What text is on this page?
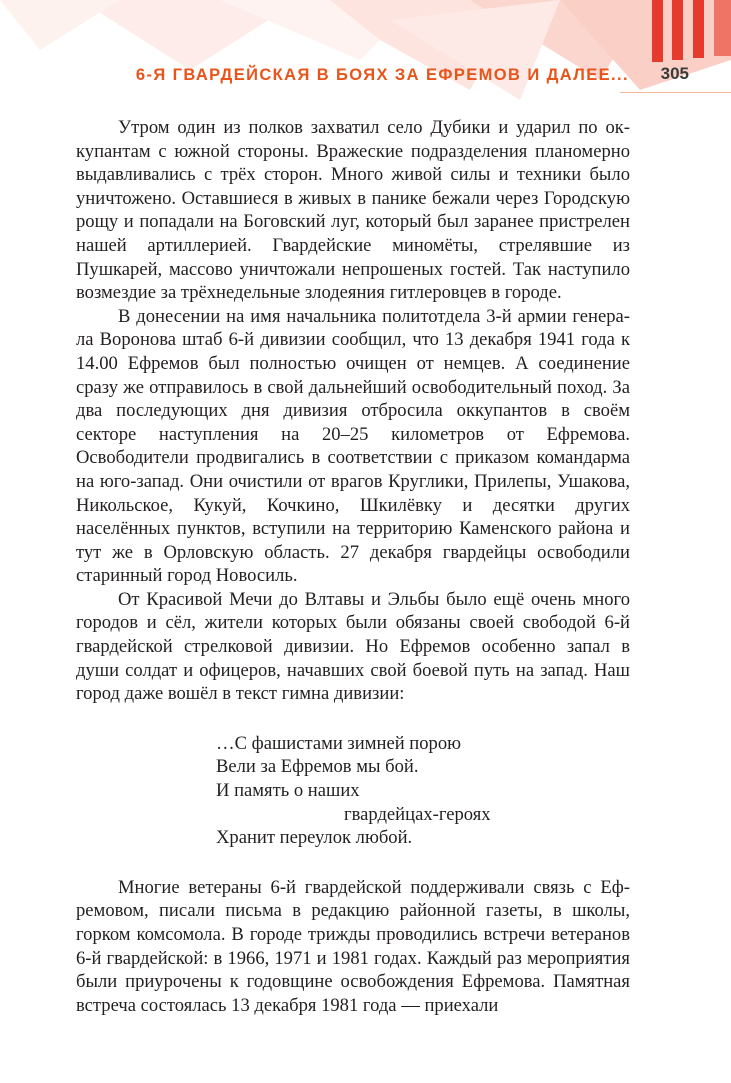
6-Я ГВАРДЕЙСКАЯ В БОЯХ ЗА ЕФРЕМОВ И ДАЛЕЕ... 305

Утром один из полков захватил село Дубики и ударил по оккупантам с южной стороны. Вражеские подразделения планомерно выдавливались с трёх сторон. Много живой силы и техники было уничтожено. Оставшиеся в живых в панике бежали через Городскую рощу и попадали на Боговский луг, который был заранее пристрелен нашей артиллерией. Гвардейские миномёты, стрелявшие из Пушкарей, массово уничтожали непрошеных гостей. Так наступило возмездие за трёхнедельные злодеяния гитлеровцев в городе.

В донесении на имя начальника политотдела 3-й армии генерала Воронова штаб 6-й дивизии сообщил, что 13 декабря 1941 года к 14.00 Ефремов был полностью очищен от немцев. А соединение сразу же отправилось в свой дальнейший освободительный поход. За два последующих дня дивизия отбросила оккупантов в своём секторе наступления на 20–25 километров от Ефремова. Освободители продвигались в соответствии с приказом командарма на юго-запад. Они очистили от врагов Круглики, Прилепы, Ушакова, Никольское, Кукуй, Кочкино, Шкилёвку и десятки других населённых пунктов, вступили на территорию Каменского района и тут же в Орловскую область. 27 декабря гвардейцы освободили старинный город Новосиль.

От Красивой Мечи до Влтавы и Эльбы было ещё очень много городов и сёл, жители которых были обязаны своей свободой 6-й гвардейской стрелковой дивизии. Но Ефремов особенно запал в души солдат и офицеров, начавших свой боевой путь на запад. Наш город даже вошёл в текст гимна дивизии:

…С фашистами зимней порою
Вели за Ефремов мы бой.
И память о наших
гвардейцах-героях
Хранит переулок любой.

Многие ветераны 6-й гвардейской поддерживали связь с Ефремовом, писали письма в редакцию районной газеты, в школы, горком комсомола. В городе трижды проводились встречи ветеранов 6-й гвардейской: в 1966, 1971 и 1981 годах. Каждый раз мероприятия были приурочены к годовщине освобождения Ефремова. Памятная встреча состоялась 13 декабря 1981 года — приехали
